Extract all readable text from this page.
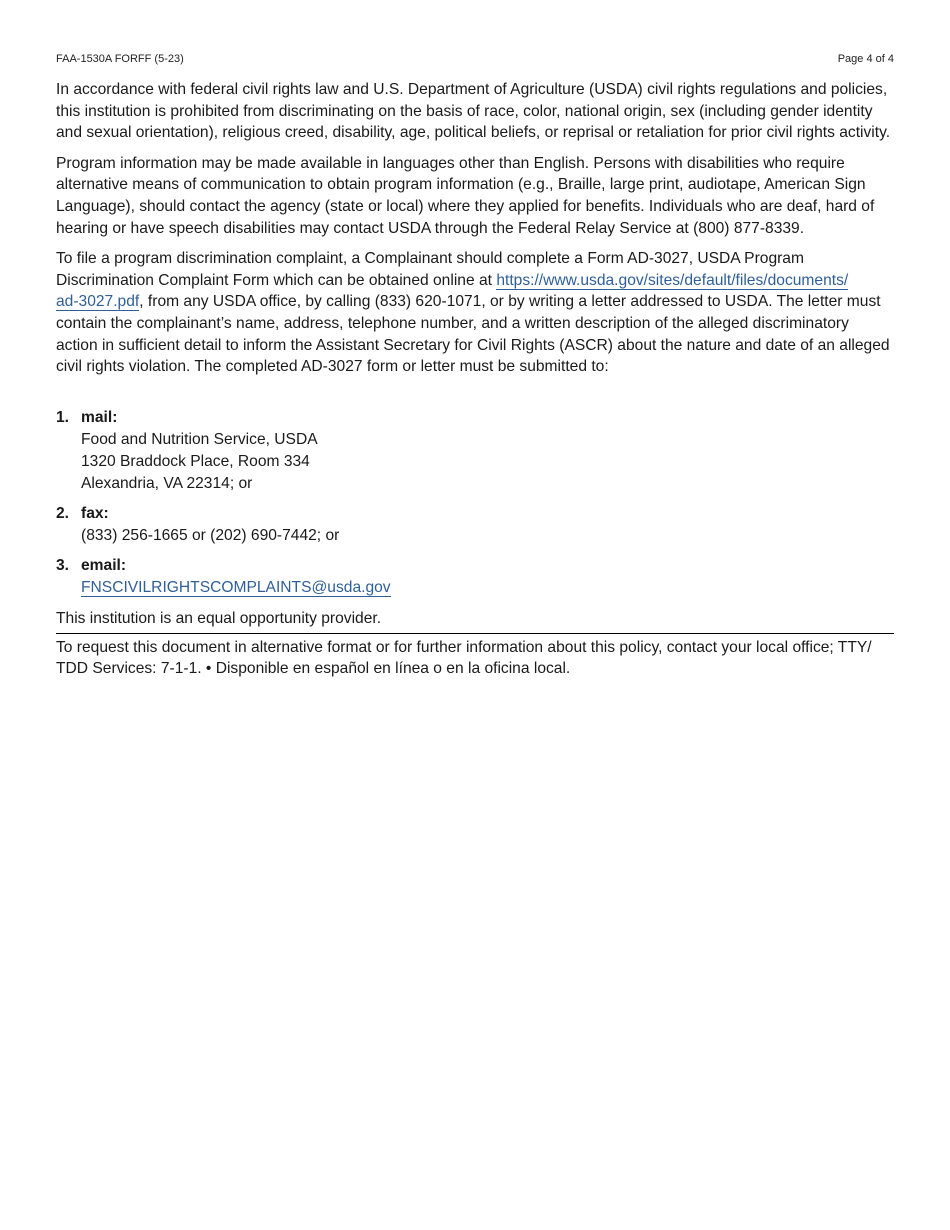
FAA-1530A FORFF (5-23)	Page 4 of 4

In accordance with federal civil rights law and U.S. Department of Agriculture (USDA) civil rights regulations and policies, this institution is prohibited from discriminating on the basis of race, color, national origin, sex (including gender identity and sexual orientation), religious creed, disability, age, political beliefs, or reprisal or retaliation for prior civil rights activity.

Program information may be made available in languages other than English. Persons with disabilities who require alternative means of communication to obtain program information (e.g., Braille, large print, audiotape, American Sign Language), should contact the agency (state or local) where they applied for benefits. Individuals who are deaf, hard of hearing or have speech disabilities may contact USDA through the Federal Relay Service at (800) 877-8339.

To file a program discrimination complaint, a Complainant should complete a Form AD-3027, USDA Program Discrimination Complaint Form which can be obtained online at https://www.usda.gov/sites/default/files/documents/
ad-3027.pdf, from any USDA office, by calling (833) 620-1071, or by writing a letter addressed to USDA. The letter must contain the complainant’s name, address, telephone number, and a written description of the alleged discriminatory action in sufficient detail to inform the Assistant Secretary for Civil Rights (ASCR) about the nature and date of an alleged civil rights violation. The completed AD-3027 form or letter must be submitted to:

1. mail:
Food and Nutrition Service, USDA
1320 Braddock Place, Room 334
Alexandria, VA 22314; or
2. fax:
(833) 256-1665 or (202) 690-7442; or
3. email:
FNSCIVILRIGHTSCOMPLAINTS@usda.gov
This institution is an equal opportunity provider.
To request this document in alternative format or for further information about this policy, contact your local office; TTY/ TDD Services: 7-1-1. • Disponible en español en línea o en la oficina local.
